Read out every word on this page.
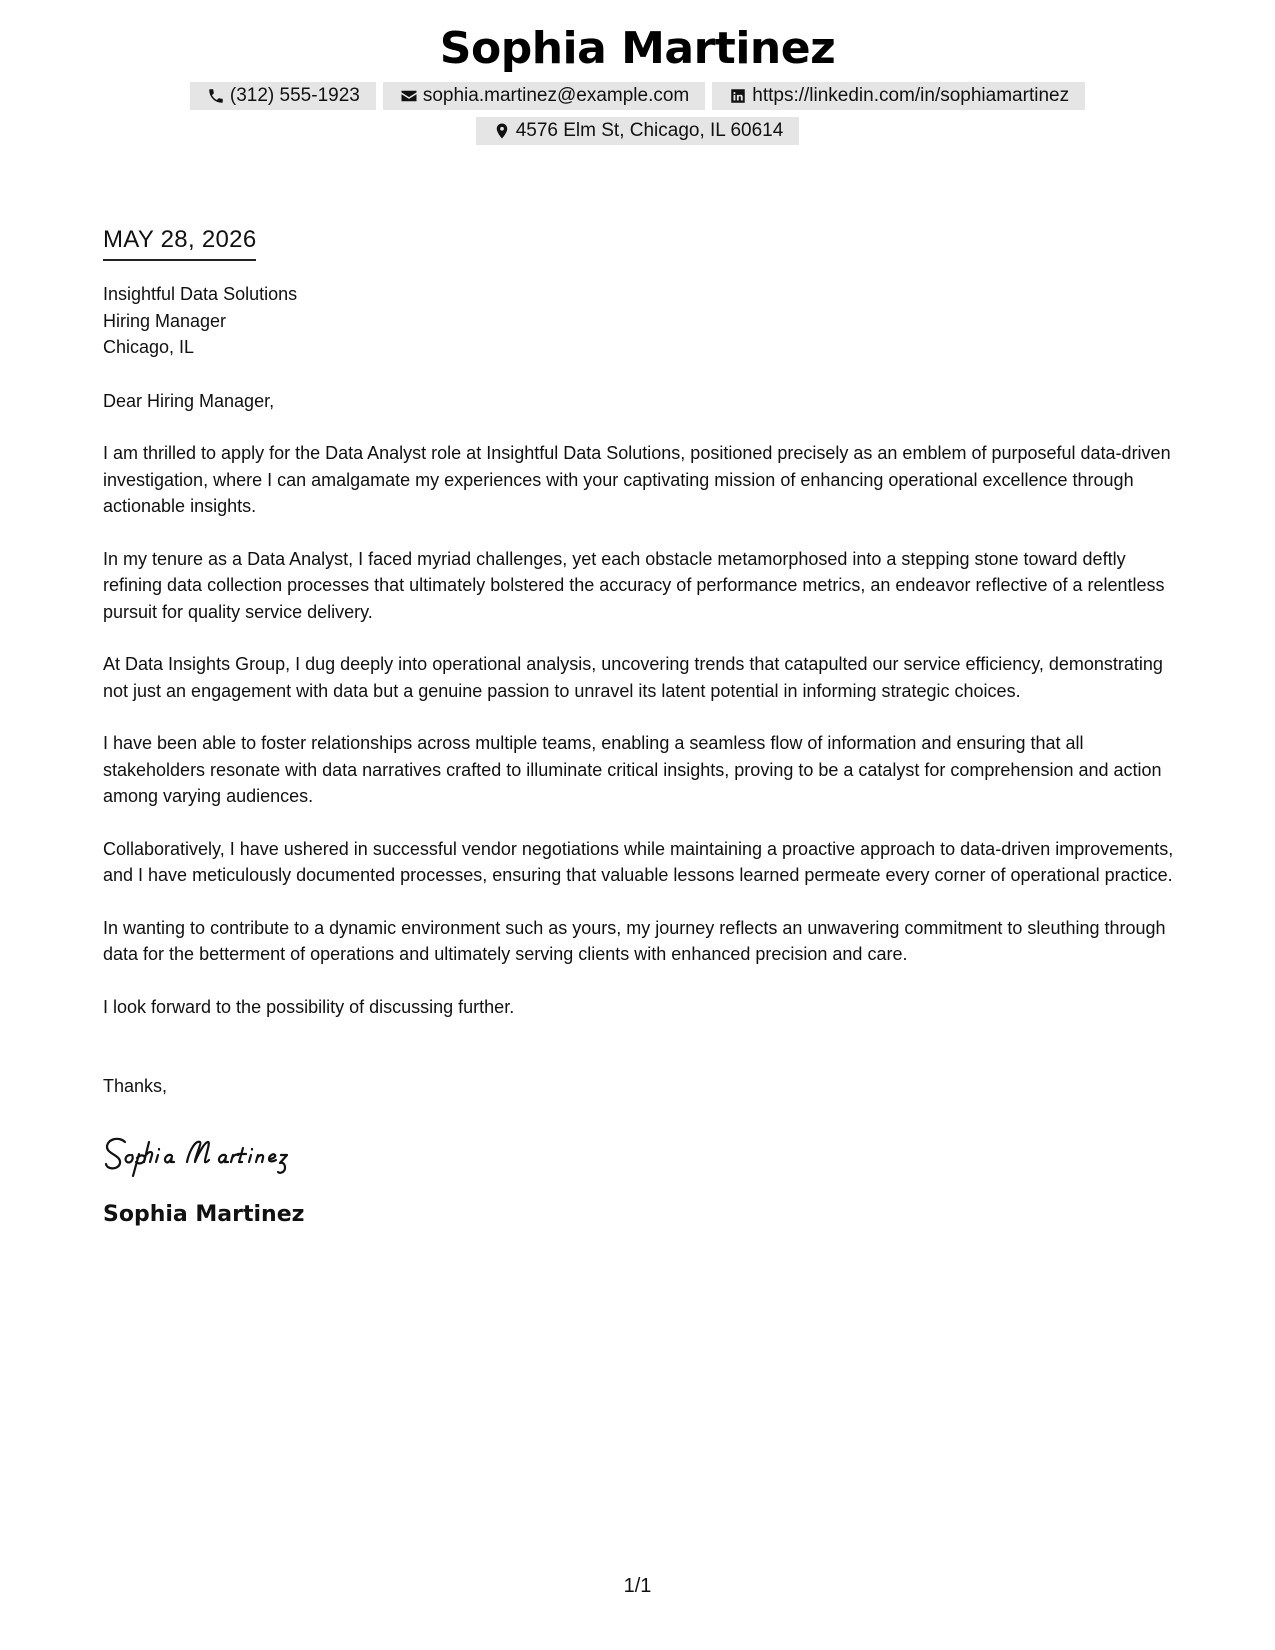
Sophia Martinez
(312) 555-1923	sophia.martinez@example.com	https://linkedin.com/in/sophiamartinez
4576 Elm St, Chicago, IL 60614
MAY 28, 2026
Insightful Data Solutions
Hiring Manager
Chicago, IL
Dear Hiring Manager,

I am thrilled to apply for the Data Analyst role at Insightful Data Solutions, positioned precisely as an emblem of purposeful data-driven investigation, where I can amalgamate my experiences with your captivating mission of enhancing operational excellence through actionable insights.

In my tenure as a Data Analyst, I faced myriad challenges, yet each obstacle metamorphosed into a stepping stone toward deftly refining data collection processes that ultimately bolstered the accuracy of performance metrics, an endeavor reflective of a relentless pursuit for quality service delivery.

At Data Insights Group, I dug deeply into operational analysis, uncovering trends that catapulted our service efficiency, demonstrating not just an engagement with data but a genuine passion to unravel its latent potential in informing strategic choices.

I have been able to foster relationships across multiple teams, enabling a seamless flow of information and ensuring that all stakeholders resonate with data narratives crafted to illuminate critical insights, proving to be a catalyst for comprehension and action among varying audiences.

Collaboratively, I have ushered in successful vendor negotiations while maintaining a proactive approach to data-driven improvements, and I have meticulously documented processes, ensuring that valuable lessons learned permeate every corner of operational practice.

In wanting to contribute to a dynamic environment such as yours, my journey reflects an unwavering commitment to sleuthing through data for the betterment of operations and ultimately serving clients with enhanced precision and care.

I look forward to the possibility of discussing further.

Thanks,
Sophia Martinez
Sophia Martinez
1/1
